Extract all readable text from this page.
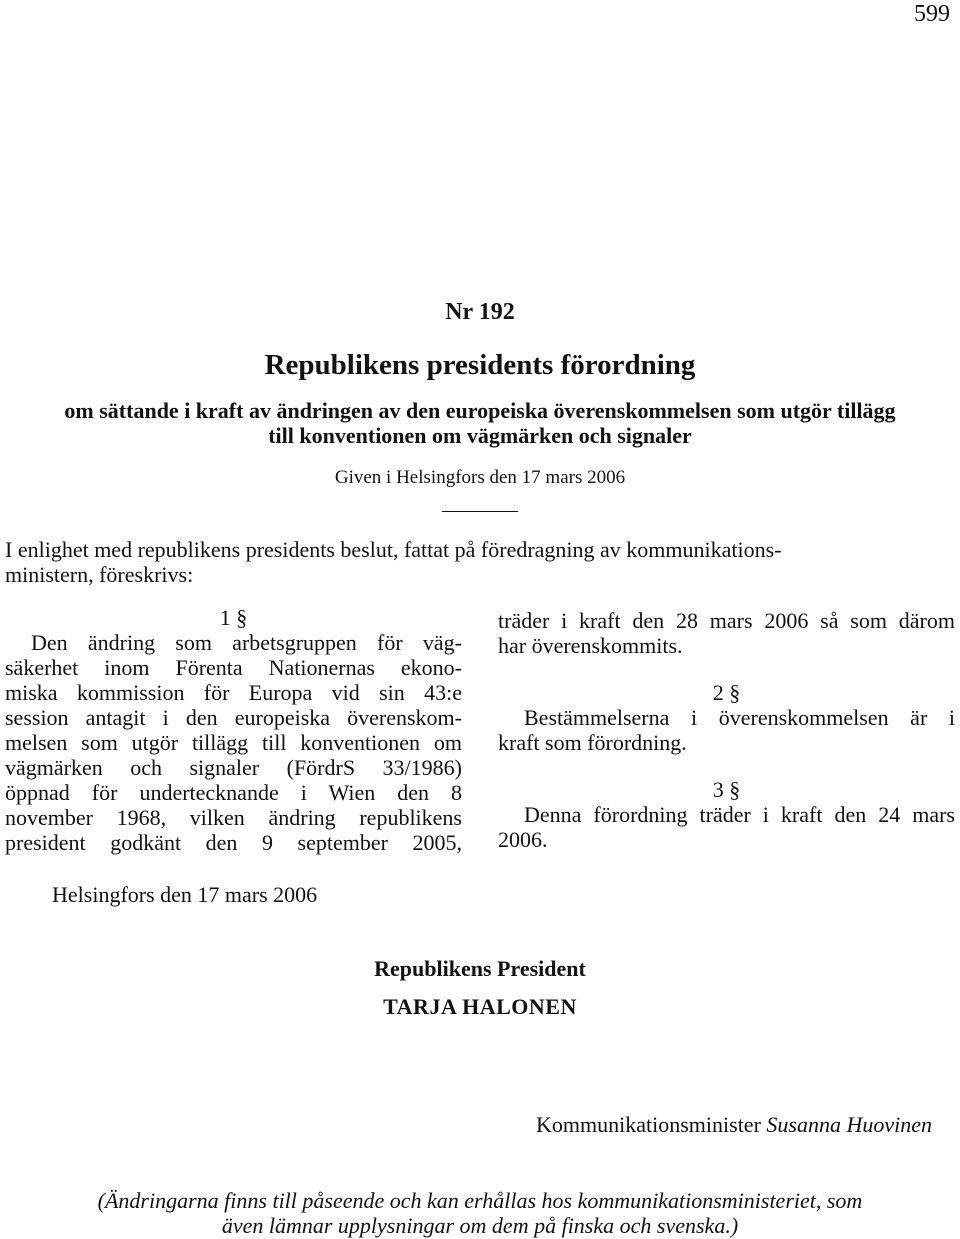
599
Nr 192
Republikens presidents förordning
om sättande i kraft av ändringen av den europeiska överenskommelsen som utgör tillägg
till konventionen om vägmärken och signaler
Given i Helsingfors den 17 mars 2006
I enlighet med republikens presidents beslut, fattat på föredragning av kommunikations-
ministern, föreskrivs:
1 §
Den ändring som arbetsgruppen för väg-
säkerhet inom Förenta Nationernas ekono-
miska kommission för Europa vid sin 43:e
session antagit i den europeiska överenskom-
melsen som utgör tillägg till konventionen om
vägmärken och signaler (FördrS 33/1986)
öppnad för undertecknande i Wien den 8
november 1968, vilken ändring republikens
president godkänt den 9 september 2005,
träder i kraft den 28 mars 2006 så som därom
har överenskommits.
2 §
Bestämmelserna i överenskommelsen är i
kraft som förordning.
3 §
Denna förordning träder i kraft den 24 mars
2006.
Helsingfors den 17 mars 2006
Republikens President
TARJA HALONEN
Kommunikationsminister Susanna Huovinen
(Ändringarna finns till påseende och kan erhållas hos kommunikationsministeriet, som
även lämnar upplysningar om dem på finska och svenska.)
